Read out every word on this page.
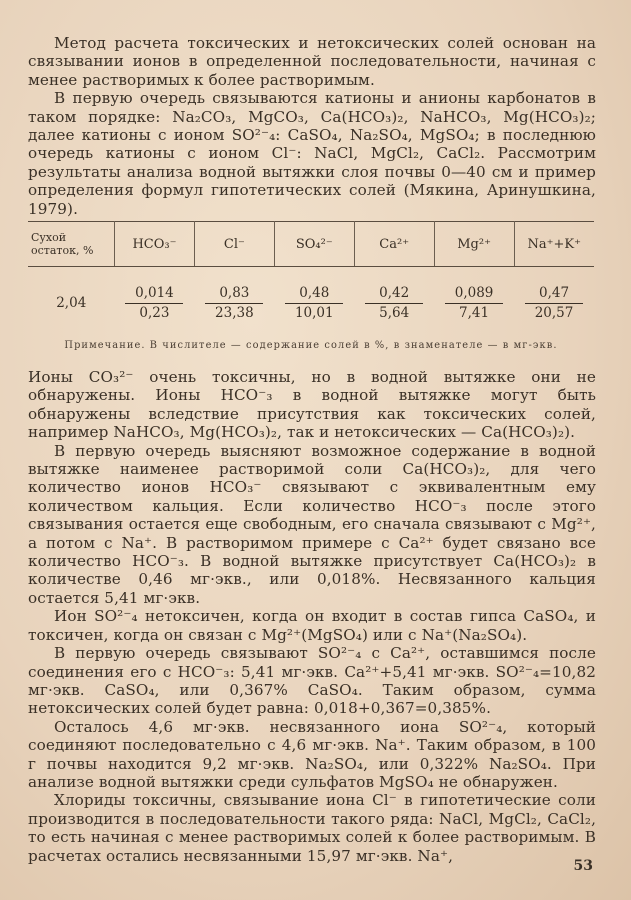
Метод расчета токсических и нетоксических солей основан на связывании ионов в определенной последовательности, начиная с менее растворимых к более растворимым.

В первую очередь связываются катионы и анионы карбонатов в таком порядке: Na₂CO₃, MgCO₃, Ca(HCO₃)₂, NaHCO₃, Mg(HCO₃)₂; далее катионы с ионом SO²⁻₄: CaSO₄, Na₂SO₄, MgSO₄; в последнюю очередь катионы с ионом Cl⁻: NaCl, MgCl₂, CaCl₂. Рассмотрим результаты анализа водной вытяжки слоя почвы 0—40 см и пример определения формул гипотетических солей (Мякина, Аринушкина, 1979).

Сухой остаток, %	HCO₃⁻	Cl⁻	SO₄²⁻	Ca²⁺	Mg²⁺	Na⁺+K⁺

2,04	$\frac{0,014}{0,23}$	$\frac{0,83}{23,38}$	$\frac{0,48}{10,01}$	$\frac{0,42}{5,64}$	$\frac{0,089}{7,41}$	$\frac{0,47}{20,57}$
Примечание. В числителе — содержание солей в %, в знаменателе — в мг-экв.

Ионы CO₃²⁻ очень токсичны, но в водной вытяжке они не обнаружены. Ионы HCO⁻₃ в водной вытяжке могут быть обнаружены вследствие присутствия как токсических солей, например NaHCO₃, Mg(HCO₃)₂, так и нетоксических — Ca(HCO₃)₂).

В первую очередь выясняют возможное содержание в водной вытяжке наименее растворимой соли Ca(HCO₃)₂, для чего количество ионов HCO₃⁻ связывают с эквивалентным ему количеством кальция. Если количество HCO⁻₃ после этого связывания остается еще свободным, его сначала связывают с Mg²⁺, а потом с Na⁺. В растворимом примере с Ca²⁺ будет связано все количество HCO⁻₃. В водной вытяжке присутствует Ca(HCO₃)₂ в количестве 0,46 мг·экв., или 0,018%. Несвязанного кальция остается 5,41 мг·экв.

Ион SO²⁻₄ нетоксичен, когда он входит в состав гипса CaSO₄, и токсичен, когда он связан с Mg²⁺(MgSO₄) или с Na⁺(Na₂SO₄).

В первую очередь связывают SO²⁻₄ с Ca²⁺, оставшимся после соединения его с HCO⁻₃: 5,41 мг·экв. Ca²⁺+5,41 мг·экв. SO²⁻₄=10,82 мг·экв. CaSO₄, или 0,367% CaSO₄. Таким образом, сумма нетоксических солей будет равна: 0,018+0,367=0,385%.

Осталось 4,6 мг·экв. несвязанного иона SO²⁻₄, который соединяют последовательно с 4,6 мг·экв. Na⁺. Таким образом, в 100 г почвы находится 9,2 мг·экв. Na₂SO₄, или 0,322% Na₂SO₄. При анализе водной вытяжки среди сульфатов MgSO₄ не обнаружен.

Хлориды токсичны, связывание иона Cl⁻ в гипотетические соли производится в последовательности такого ряда: NaCl, MgCl₂, CaCl₂, то есть начиная с менее растворимых солей к более растворимым. В расчетах остались несвязанными 15,97 мг·экв. Na⁺,

53
